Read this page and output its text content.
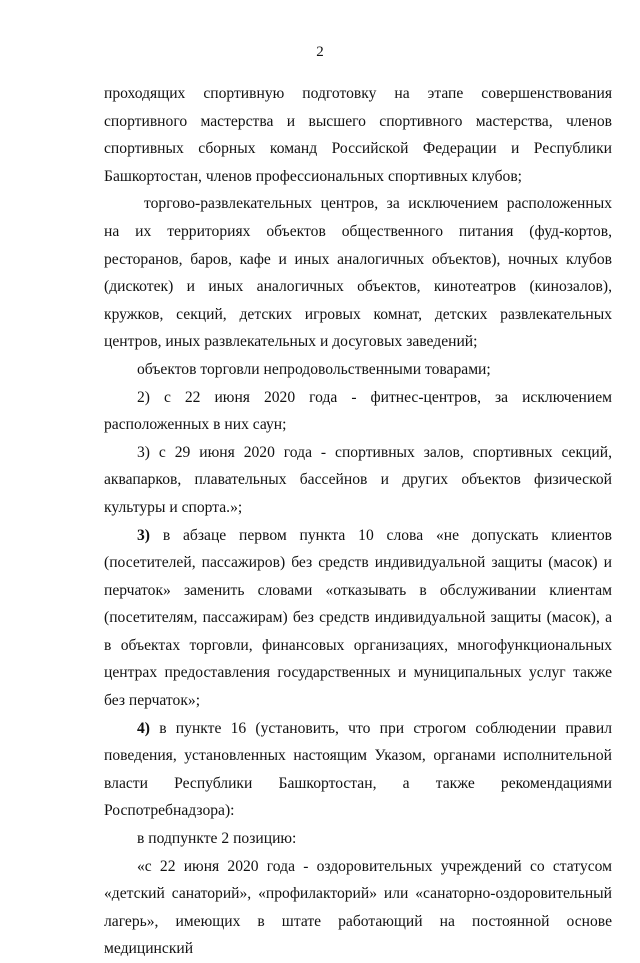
2

проходящих спортивную подготовку на этапе совершенствования спортивного мастерства и высшего спортивного мастерства, членов спортивных сборных команд Российской Федерации и Республики Башкортостан, членов профессиональных спортивных клубов;

торгово-развлекательных центров, за исключением расположенных на их территориях объектов общественного питания (фуд-кортов, ресторанов, баров, кафе и иных аналогичных объектов), ночных клубов (дискотек) и иных аналогичных объектов, кинотеатров (кинозалов), кружков, секций, детских игровых комнат, детских развлекательных центров, иных развлекательных и досуговых заведений;

объектов торговли непродовольственными товарами;

2) с 22 июня 2020 года - фитнес-центров, за исключением расположенных в них саун;

3) с 29 июня 2020 года - спортивных залов, спортивных секций, аквапарков, плавательных бассейнов и других объектов физической культуры и спорта.»;

3) в абзаце первом пункта 10 слова «не допускать клиентов (посетителей, пассажиров) без средств индивидуальной защиты (масок) и перчаток» заменить словами «отказывать в обслуживании клиентам (посетителям, пассажирам) без средств индивидуальной защиты (масок), а в объектах торговли, финансовых организациях, многофункциональных центрах предоставления государственных и муниципальных услуг также без перчаток»;

4) в пункте 16 (установить, что при строгом соблюдении правил поведения, установленных настоящим Указом, органами исполнительной власти Республики Башкортостан, а также рекомендациями Роспотребнадзора):

в подпункте 2 позицию:

«с 22 июня 2020 года - оздоровительных учреждений со статусом «детский санаторий», «профилакторий» или «санаторно-оздоровительный лагерь», имеющих в штате работающий на постоянной основе медицинский
